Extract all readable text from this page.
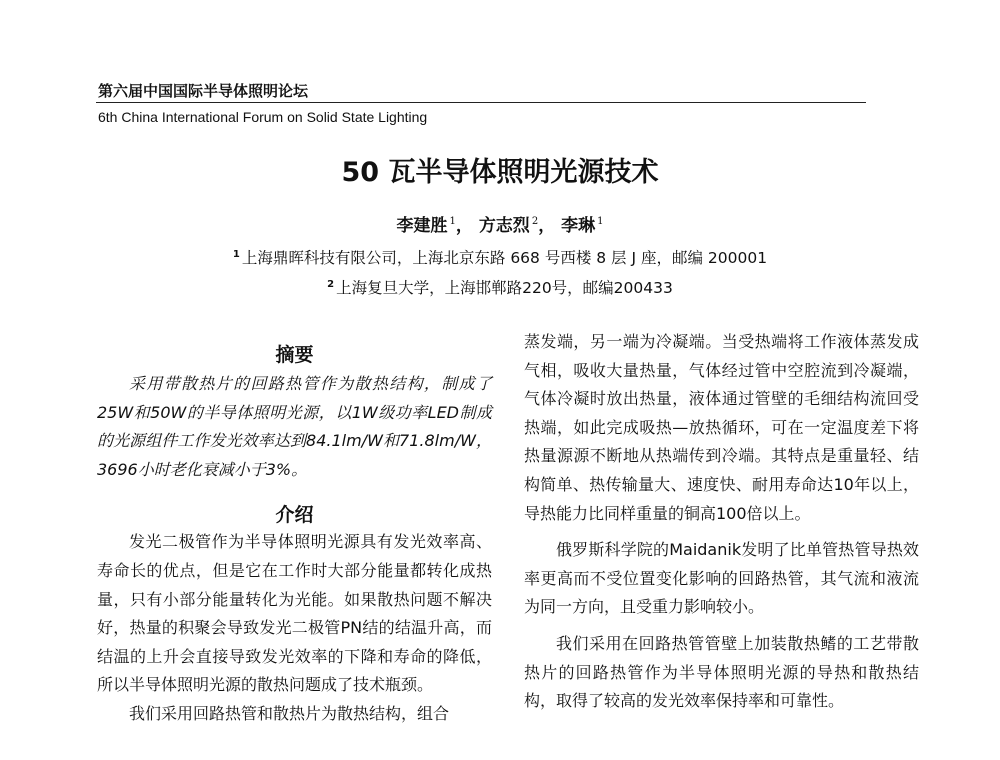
第六届中国国际半导体照明论坛
6th China International Forum on Solid State Lighting
50 瓦半导体照明光源技术
李建胜 $^1$， 方志烈 $^2$， 李琳 $^1$
$^1$ 上海鼎晖科技有限公司，上海北京东路 668 号西楼 8 层 J 座，邮编 200001
$^2$ 上海复旦大学，上海邯郸路220号，邮编200433
摘要

采用带散热片的回路热管作为散热结构，制成了25W和50W的半导体照明光源，以1W级功率LED制成的光源组件工作发光效率达到84.1lm/W和71.8lm/W，3696小时老化衰减小于3%。

介绍

发光二极管作为半导体照明光源具有发光效率高、寿命长的优点，但是它在工作时大部分能量都转化成热量，只有小部分能量转化为光能。如果散热问题不解决好，热量的积聚会导致发光二极管PN结的结温升高，而结温的上升会直接导致发光效率的下降和寿命的降低，所以半导体照明光源的散热问题成了技术瓶颈。

我们采用回路热管和散热片为散热结构，组合

蒸发端，另一端为冷凝端。当受热端将工作液体蒸发成气相，吸收大量热量，气体经过管中空腔流到冷凝端，气体冷凝时放出热量，液体通过管壁的毛细结构流回受热端，如此完成吸热—放热循环，可在一定温度差下将热量源源不断地从热端传到冷端。其特点是重量轻、结构简单、热传输量大、速度快、耐用寿命达10年以上，导热能力比同样重量的铜高100倍以上。

俄罗斯科学院的Maidanik发明了比单管热管导热效率更高而不受位置变化影响的回路热管，其气流和液流为同一方向，且受重力影响较小。

我们采用在回路热管管壁上加装散热鳍的工艺带散热片的回路热管作为半导体照明光源的导热和散热结构，取得了较高的发光效率保持率和可靠性。
